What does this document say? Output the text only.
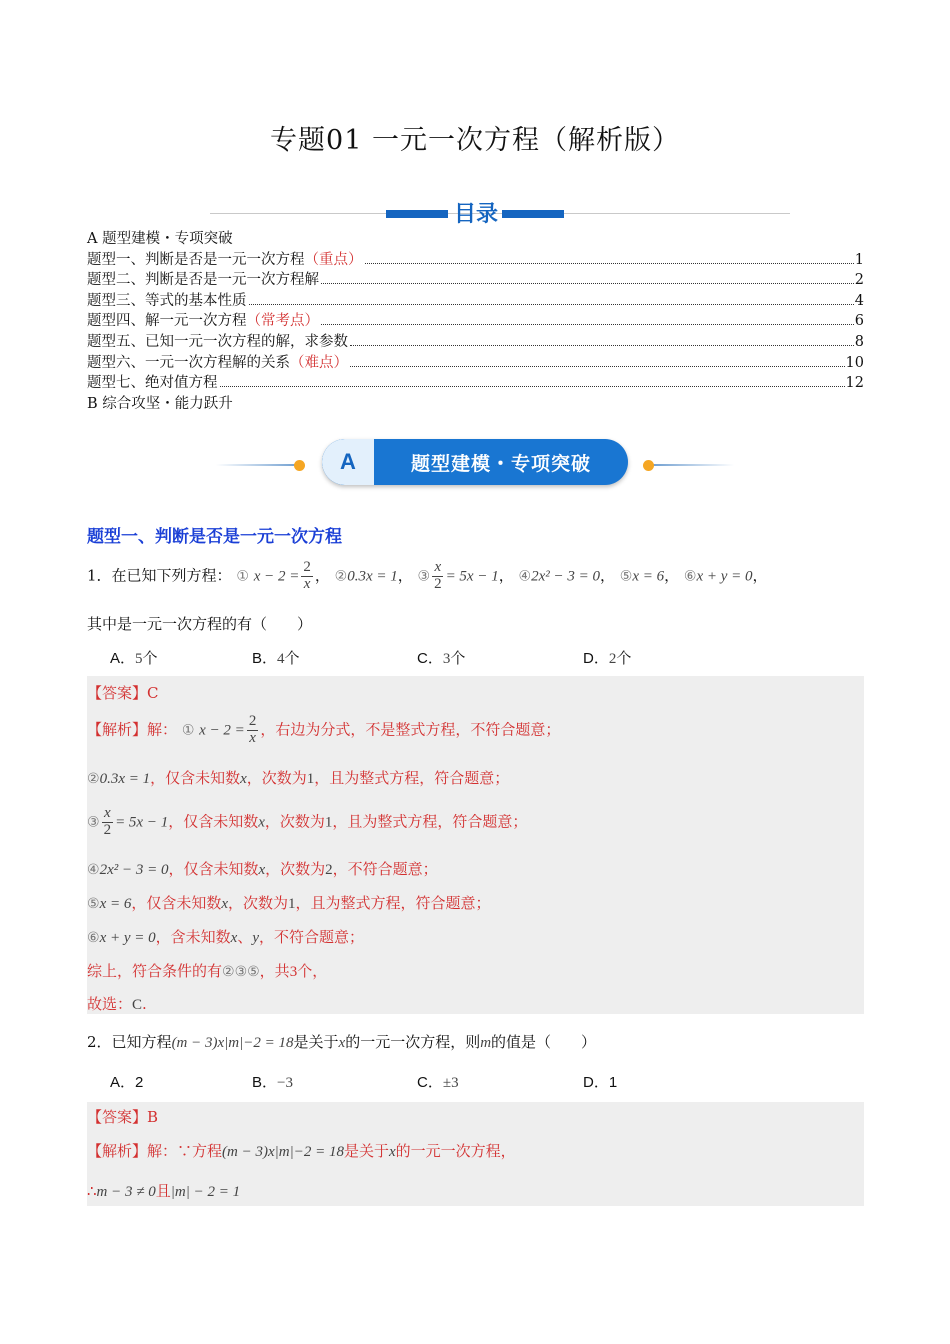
专题01 一元一次方程（解析版）
目录
A 题型建模・专项突破
题型一、判断是否是一元一次方程 （重点）	1
题型二、判断是否是一元一次方程解	2
题型三、等式的基本性质	4
题型四、解一元一次方程 （常考点）	6
题型五、已知一元一次方程的解，求参数	8
题型六、一元一次方程解的关系 （难点）	10
题型七、绝对值方程	12
B 综合攻坚・能力跃升
A	题型建模・专项突破
题型一、判断是否是一元一次方程
1．在已知下列方程： ① $x - 2 = \frac{2}{x}$ ， ②0.3x = 1， ③ $\frac{x}{2} = 5x - 1$， ④2x² − 3 = 0， ⑤x = 6， ⑥x + y = 0，
其中是一元一次方程的有（　　）
A．5个	B．4个	C．3个	D．2个
【答案】C
【解析】解： ① $x - 2 = \frac{2}{x}$ ，右边为分式，不是整式方程，不符合题意；
②0.3x = 1，仅含未知数x，次数为1，且为整式方程，符合题意；
③ $\frac{x}{2} = 5x - 1$，仅含未知数x，次数为1，且为整式方程，符合题意；
④2x² − 3 = 0，仅含未知数x，次数为2，不符合题意；
⑤x = 6，仅含未知数x，次数为1，且为整式方程，符合题意；
⑥x + y = 0，含未知数x、y，不符合题意；
综上，符合条件的有②③⑤，共3个，
故选：C.
2．已知方程(m − 3)x|m|−2 = 18是关于x的一元一次方程，则m的值是（　　）
A．2	B．−3	C．±3	D．1
【答案】B
【解析】解：∵方程(m − 3)x|m|−2 = 18是关于x的一元一次方程，
∴m − 3 ≠ 0且|m| − 2 = 1
